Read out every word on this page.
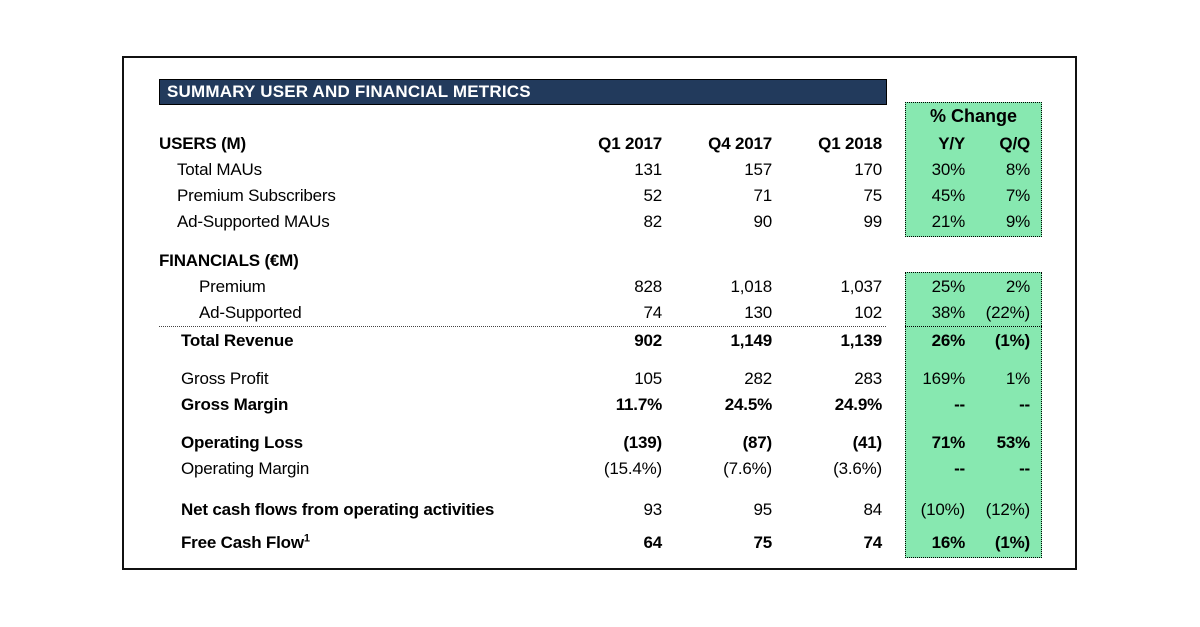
SUMMARY USER AND FINANCIAL METRICS
% Change
USERS (M)	Q1 2017	Q4 2017	Q1 2018	Y/Y	Q/Q
Total MAUs	131	157	170	30%	8%
Premium Subscribers	52	71	75	45%	7%
Ad-Supported MAUs	82	90	99	21%	9%
FINANCIALS (€M)
Premium	828	1,018	1,037	25%	2%
Ad-Supported	74	130	102	38%	(22%)
Total Revenue	902	1,149	1,139	26%	(1%)
Gross Profit	105	282	283	169%	1%
Gross Margin	11.7%	24.5%	24.9%	--	--
Operating Loss	(139)	(87)	(41)	71%	53%
Operating Margin	(15.4%)	(7.6%)	(3.6%)	--	--
Net cash flows from operating activities	93	95	84	(10%)	(12%)
Free Cash Flow$^1$	64	75	74	16%	(1%)
